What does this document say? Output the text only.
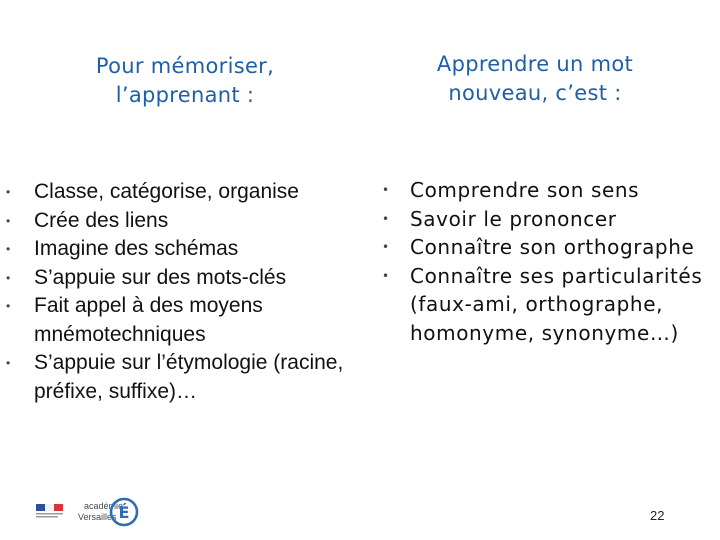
Pour mémoriser,
l’apprenant :
Apprendre un mot
nouveau, c’est :
• Classe, catégorise, organise
• Crée des liens
• Imagine des schémas
• S’appuie sur des mots-clés
• Fait appel à des moyens mnémotechniques
• S’appuie sur l’étymologie (racine, préfixe, suffixe)…
• Comprendre son sens
• Savoir le prononcer
• Connaître son orthographe
• Connaître ses particularités (faux-ami, orthographe, homonyme, synonyme…)
académie
Versailles É	22
